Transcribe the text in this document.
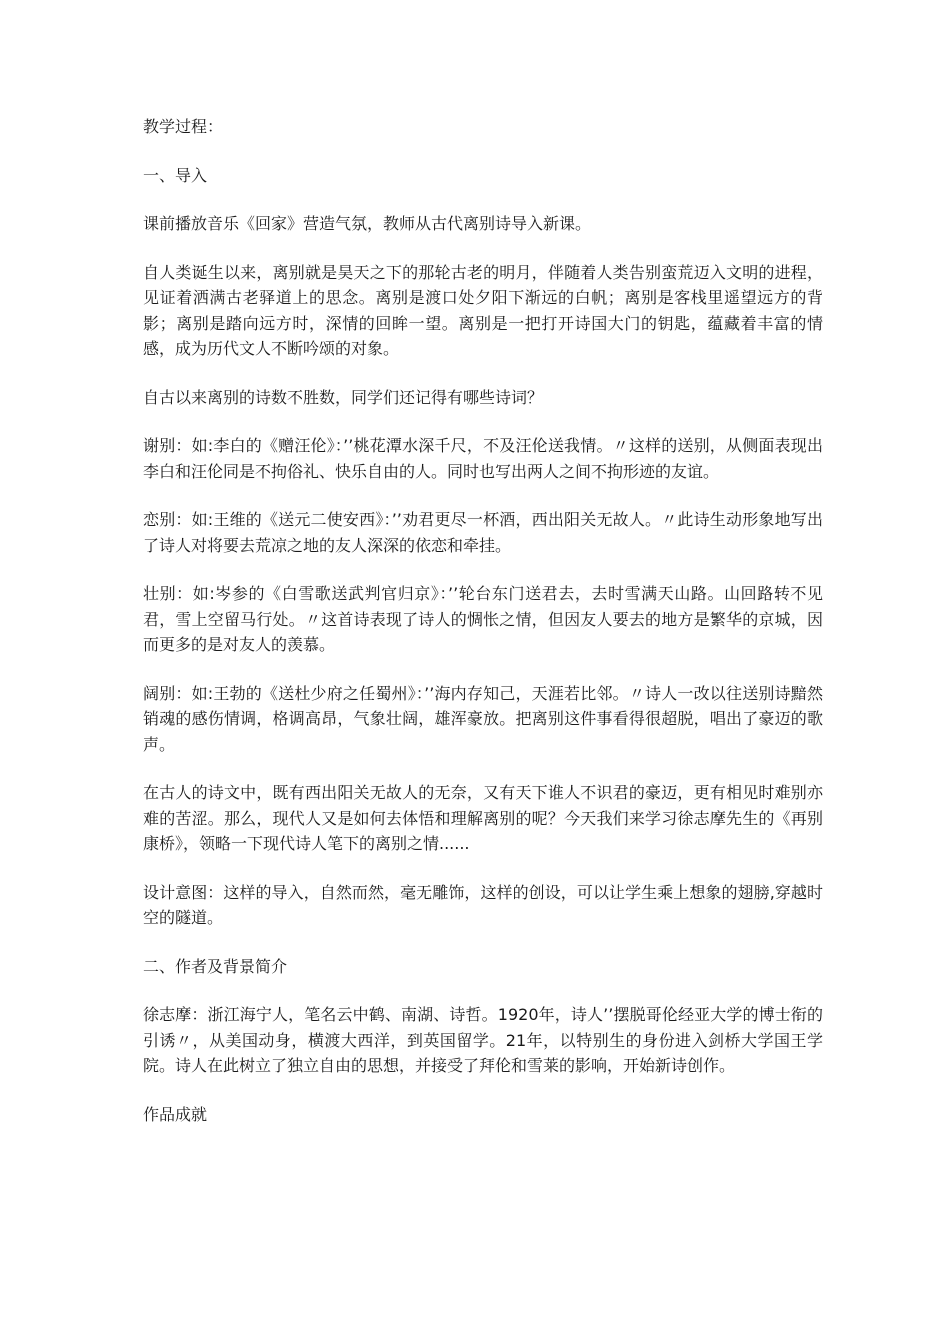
教学过程：

一、导入

课前播放音乐《回家》营造气氛，教师从古代离别诗导入新课。

自人类诞生以来，离别就是昊天之下的那轮古老的明月，伴随着人类告别蛮荒迈入文明的进程，见证着洒满古老驿道上的思念。离别是渡口处夕阳下渐远的白帆；离别是客栈里遥望远方的背影；离别是踏向远方时，深情的回眸一望。离别是一把打开诗国大门的钥匙，蕴藏着丰富的情感，成为历代文人不断吟颂的对象。

自古以来离别的诗数不胜数，同学们还记得有哪些诗词？

谢别：如:李白的《赠汪伦》：’’桃花潭水深千尺，不及汪伦送我情。〃这样的送别，从侧面表现出李白和汪伦同是不拘俗礼、快乐自由的人。同时也写出两人之间不拘形迹的友谊。

恋别：如:王维的《送元二使安西》：’’劝君更尽一杯酒，西出阳关无故人。〃此诗生动形象地写出了诗人对将要去荒凉之地的友人深深的依恋和牵挂。

壮别：如:岑参的《白雪歌送武判官归京》：’’轮台东门送君去，去时雪满天山路。山回路转不见君，雪上空留马行处。〃这首诗表现了诗人的惆怅之情，但因友人要去的地方是繁华的京城，因而更多的是对友人的羡慕。

阔别：如:王勃的《送杜少府之任蜀州》：’’海内存知己，天涯若比邻。〃诗人一改以往送别诗黯然销魂的感伤情调，格调高昂，气象壮阔，雄浑豪放。把离别这件事看得很超脱，唱出了豪迈的歌声。

在古人的诗文中，既有西出阳关无故人的无奈，又有天下谁人不识君的豪迈，更有相见时难别亦难的苦涩。那么，现代人又是如何去体悟和理解离别的呢？今天我们来学习徐志摩先生的《再别康桥》，领略一下现代诗人笔下的离别之情......

设计意图：这样的导入，自然而然，毫无雕饰，这样的创设，可以让学生乘上想象的翅膀,穿越时空的隧道。

二、作者及背景简介

徐志摩：浙江海宁人，笔名云中鹤、南湖、诗哲。1920年，诗人’’摆脱哥伦经亚大学的博士衔的引诱〃，从美国动身，横渡大西洋，到英国留学。21年，以特别生的身份进入剑桥大学国王学院。诗人在此树立了独立自由的思想，并接受了拜伦和雪莱的影响，开始新诗创作。

作品成就
